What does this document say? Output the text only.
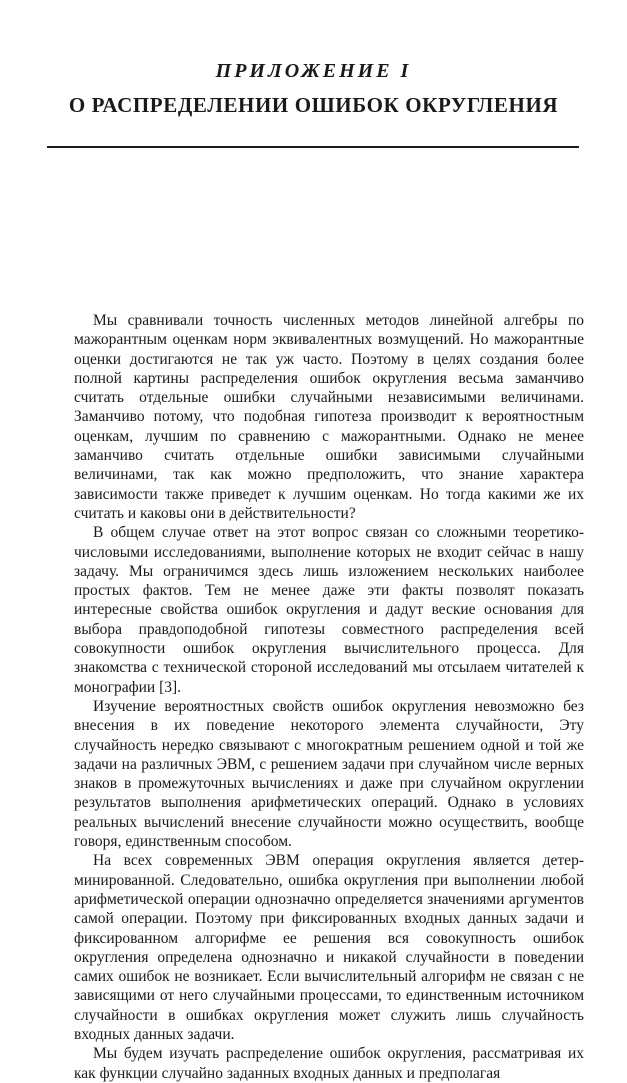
ПРИЛОЖЕНИЕ I
О РАСПРЕДЕЛЕНИИ ОШИБОК ОКРУГЛЕНИЯ

Мы сравнивали точность численных методов линейной алгебры по мажорантным оценкам норм эквивалентных возмущений. Но мажорантные оценки достигаются не так уж часто. Поэтому в целях создания более полной картины распределения ошибок округления весьма заманчиво считать отдельные ошибки случайными независимыми величинами. Заманчиво потому, что подобная гипотеза производит к вероятностным оценкам, лучшим по сравнению с мажорантными. Однако не менее заманчиво считать отдельные ошибки зависимыми случайными величинами, так как можно предположить, что знание характера зависимости также приведет к лучшим оценкам. Но тогда какими же их считать и каковы они в действительности?

В общем случае ответ на этот вопрос связан со сложными теоретико-числовыми исследованиями, выполнение которых не входит сейчас в нашу задачу. Мы ограничимся здесь лишь изложением нескольких наиболее простых фактов. Тем не менее даже эти факты позволят показать интересные свойства ошибок округления и дадут веские основания для выбора правдоподобной гипотезы совместного распределения всей совокупности ошибок округления вычислительного процесса. Для знакомства с технической стороной исследований мы отсылаем читателей к монографии [3].

Изучение вероятностных свойств ошибок округления невозможно без внесения в их поведение некоторого элемента случайности, Эту случайность нередко связывают с многократным решением одной и той же задачи на различных ЭВМ, с решением задачи при случайном числе верных знаков в промежуточных вычислениях и даже при случайном округлении результатов выполнения арифметических операций. Однако в условиях реальных вычислений внесение случайности можно осуществить, вообще говоря, единственным способом.

На всех современных ЭВМ операция округления является детерминированной. Следовательно, ошибка округления при выполнении любой арифметической операции однозначно определяется значениями аргументов самой операции. Поэтому при фиксированных входных данных задачи и фиксированном алгорифме ее решения вся совокупность ошибок округления определена однозначно и никакой случайности в поведении самих ошибок не возникает. Если вычислительный алгорифм не связан с не зависящими от него случайными процессами, то единственным источником случайности в ошибках округления может служить лишь случайность входных данных задачи.

Мы будем изучать распределение ошибок округления, рассматривая их как функции случайно заданных входных данных и предполагая
